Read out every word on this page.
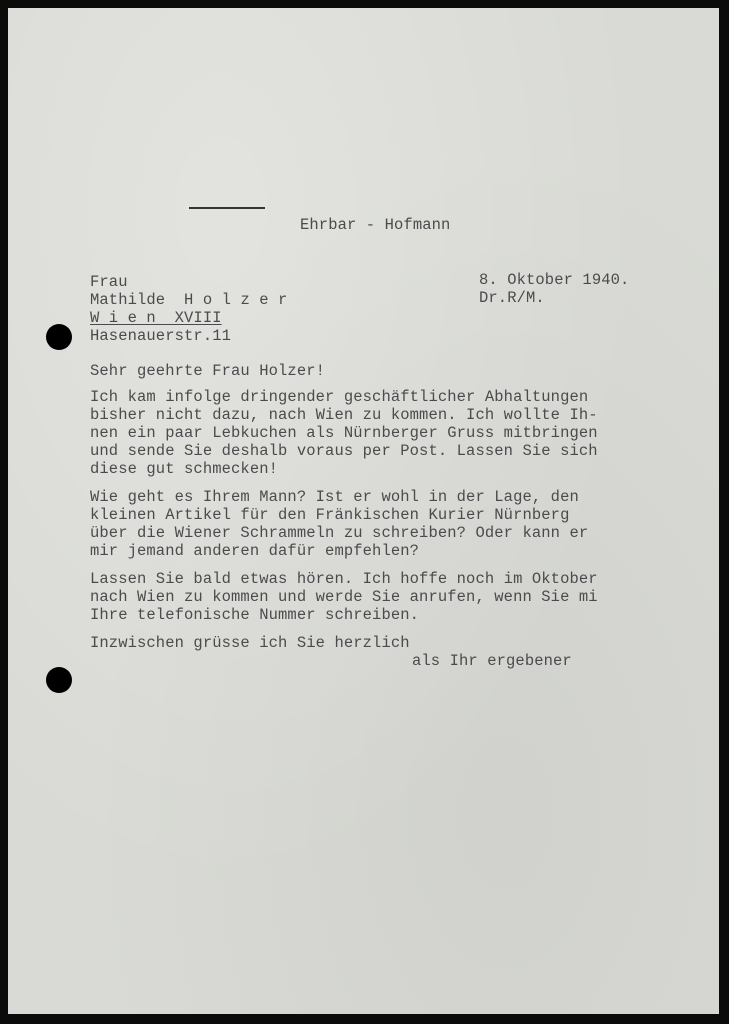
Ehrbar - Hofmann
Frau
Mathilde H o l z e r
W i e n  XVIII
Hasenauerstr.11
8. Oktober 1940.
Dr.R/M.
Sehr geehrte Frau Holzer!
Ich kam infolge dringender geschäftlicher Abhaltungen
bisher nicht dazu, nach Wien zu kommen. Ich wollte Ih-
nen ein paar Lebkuchen als Nürnberger Gruss mitbringen
und sende Sie deshalb voraus per Post. Lassen Sie sich
diese gut schmecken!
Wie geht es Ihrem Mann? Ist er wohl in der Lage, den
kleinen Artikel für den Fränkischen Kurier Nürnberg
über die Wiener Schrammeln zu schreiben? Oder kann er
mir jemand anderen dafür empfehlen?
Lassen Sie bald etwas hören. Ich hoffe noch im Oktober
nach Wien zu kommen und werde Sie anrufen, wenn Sie mi
Ihre telefonische Nummer schreiben.
Inzwischen grüsse ich Sie herzlich
als Ihr ergebener
